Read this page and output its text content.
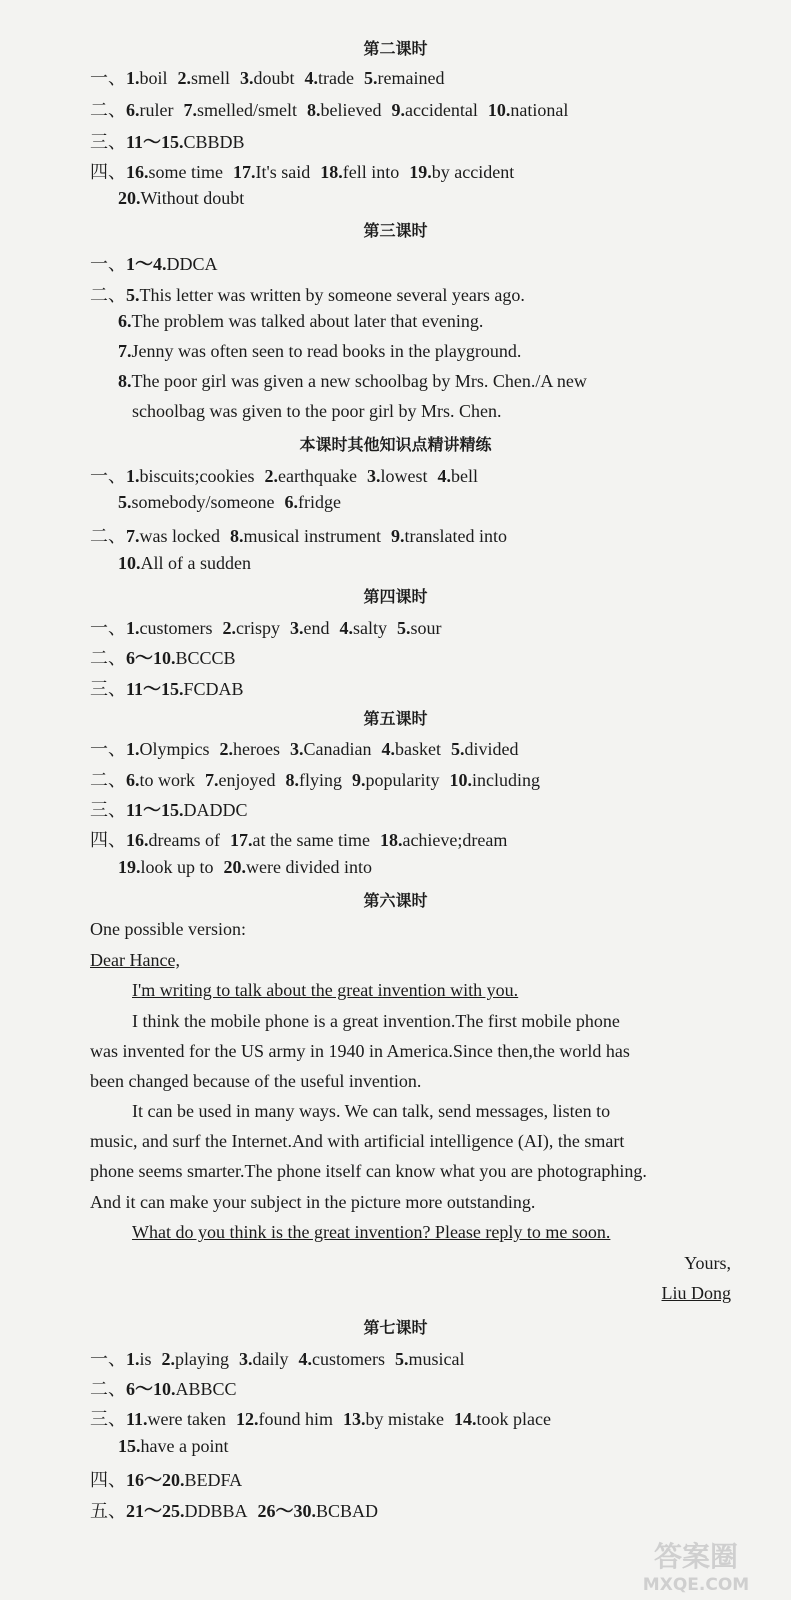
第二课时
一、1.boil 2.smell 3.doubt 4.trade 5.remained
二、6.ruler 7.smelled/smelt 8.believed 9.accidental 10.national
三、11～15.CBBDB
四、16.some time 17.It's said 18.fell into 19.by accident
20.Without doubt
第三课时
一、1～4.DDCA
二、5.This letter was written by someone several years ago.
6.The problem was talked about later that evening.
7.Jenny was often seen to read books in the playground.
8.The poor girl was given a new schoolbag by Mrs. Chen./A new
schoolbag was given to the poor girl by Mrs. Chen.
本课时其他知识点精讲精练
一、1.biscuits;cookies 2.earthquake 3.lowest 4.bell
5.somebody/someone 6.fridge
二、7.was locked 8.musical instrument 9.translated into
10.All of a sudden
第四课时
一、1.customers 2.crispy 3.end 4.salty 5.sour
二、6～10.BCCCB
三、11～15.FCDAB
第五课时
一、1.Olympics 2.heroes 3.Canadian 4.basket 5.divided
二、6.to work 7.enjoyed 8.flying 9.popularity 10.including
三、11～15.DADDC
四、16.dreams of 17.at the same time 18.achieve;dream
19.look up to 20.were divided into
第六课时
One possible version:
Dear Hance,
I'm writing to talk about the great invention with you.
I think the mobile phone is a great invention.The first mobile phone
was invented for the US army in 1940 in America.Since then,the world has
been changed because of the useful invention.
It can be used in many ways. We can talk, send messages, listen to
music, and surf the Internet.And with artificial intelligence (AI), the smart
phone seems smarter.The phone itself can know what you are photographing.
And it can make your subject in the picture more outstanding.
What do you think is the great invention? Please reply to me soon.
Yours,
Liu Dong
第七课时
一、1.is 2.playing 3.daily 4.customers 5.musical
二、6～10.ABBCC
三、11.were taken 12.found him 13.by mistake 14.took place
15.have a point
四、16～20.BEDFA
五、21～25.DDBBA 26～30.BCBAD
答案圈
MXQE.COM
